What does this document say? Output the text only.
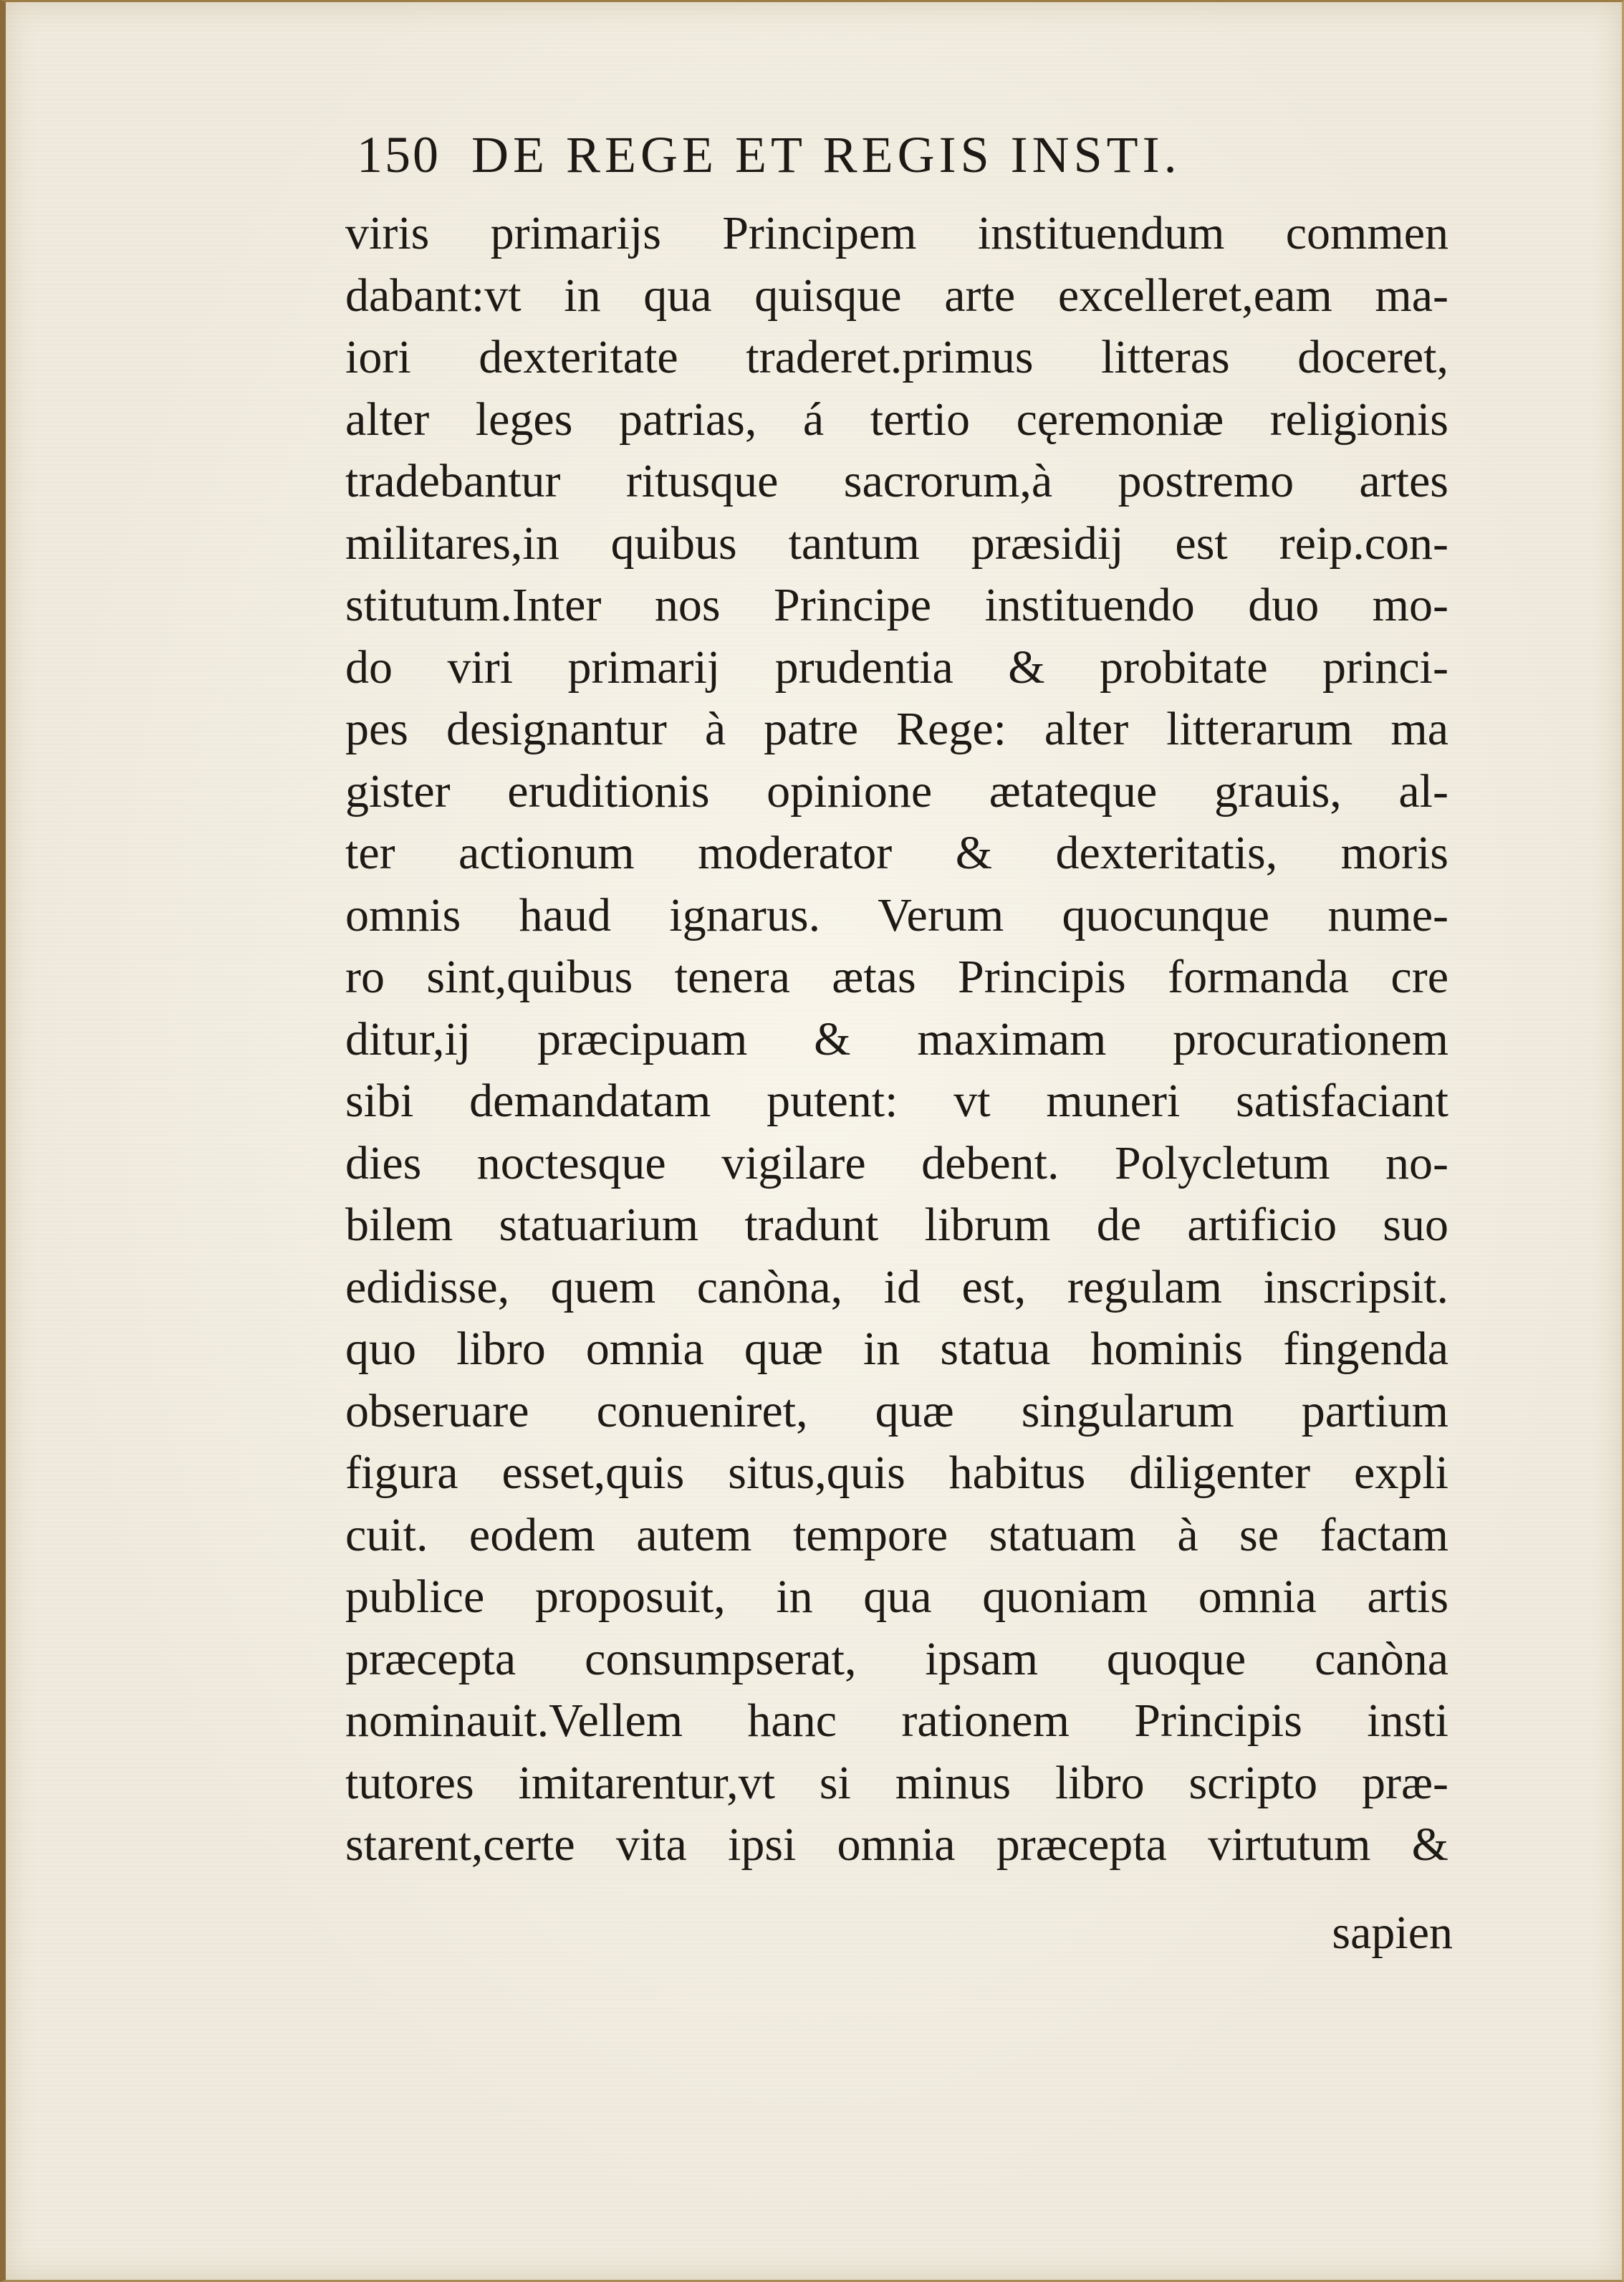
150 DE REGE ET REGIS INSTI.
viris primarijs Principem instituendum commen
dabant:vt in qua quisque arte excelleret,eam ma-
iori dexteritate traderet.primus litteras doceret,
alter leges patrias, á tertio cęremoniæ religionis
tradebantur ritusque sacrorum,à postremo artes
militares,in quibus tantum præsidij est reip.con-
stitutum.Inter nos Principe instituendo duo mo-
do viri primarij prudentia & probitate princi-
pes designantur à patre Rege: alter litterarum ma
gister eruditionis opinione ætateque grauis, al-
ter actionum moderator & dexteritatis, moris
omnis haud ignarus. Verum quocunque nume-
ro sint,quibus tenera ætas Principis formanda cre
ditur,ij præcipuam & maximam procurationem
sibi demandatam putent: vt muneri satisfaciant
dies noctesque vigilare debent. Polycletum no-
bilem statuarium tradunt librum de artificio suo
edidisse, quem canòna, id est, regulam inscripsit.
quo libro omnia quæ in statua hominis fingenda
obseruare conueniret, quæ singularum partium
figura esset,quis situs,quis habitus diligenter expli
cuit. eodem autem tempore statuam à se factam
publice proposuit, in qua quoniam omnia artis
præcepta consumpserat, ipsam quoque canòna
nominauit.Vellem hanc rationem Principis insti
tutores imitarentur,vt si minus libro scripto præ-
starent,certe vita ipsi omnia præcepta virtutum &
sapien
